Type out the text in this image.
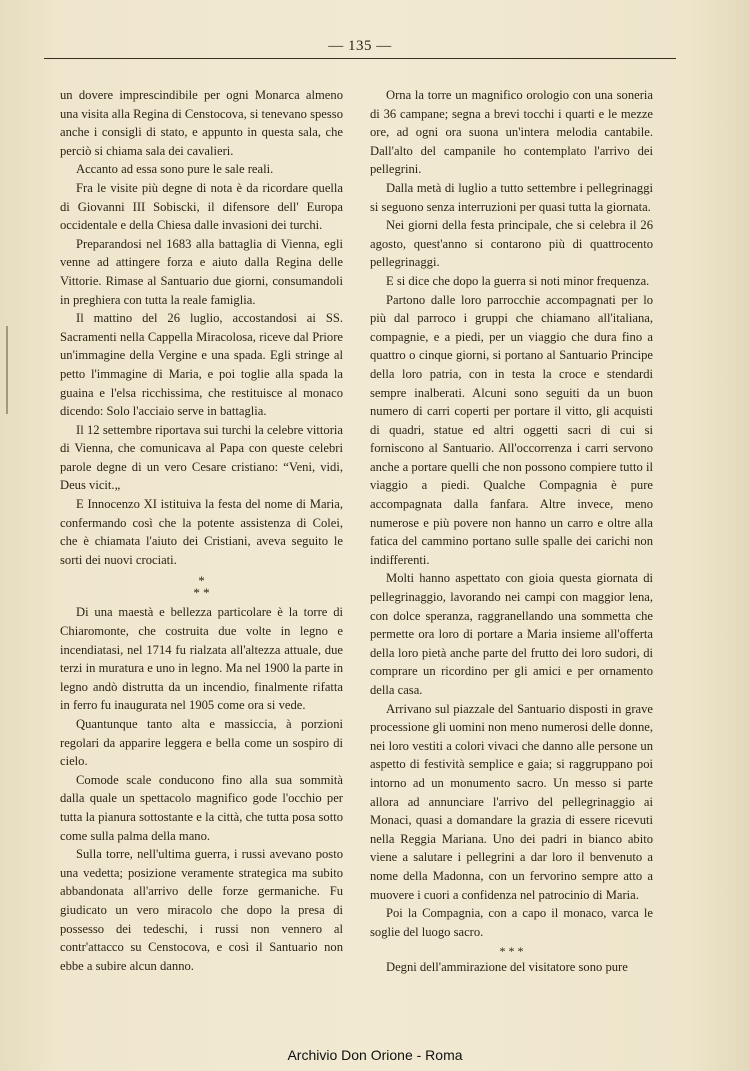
— 135 —

un dovere imprescindibile per ogni Monarca almeno una visita alla Regina di Censtocova, si tenevano spesso anche i consigli di stato, e appunto in questa sala, che perciò si chiama sala dei cavalieri.

Accanto ad essa sono pure le sale reali.

Fra le visite più degne di nota è da ricordare quella di Giovanni III Sobiscki, il difensore dell' Europa occidentale e della Chiesa dalle invasioni dei turchi.

Preparandosi nel 1683 alla battaglia di Vienna, egli venne ad attingere forza e aiuto dalla Regina delle Vittorie. Rimase al Santuario due giorni, consumandoli in preghiera con tutta la reale famiglia.

Il mattino del 26 luglio, accostandosi ai SS. Sacramenti nella Cappella Miracolosa, riceve dal Priore un'immagine della Vergine e una spada. Egli stringe al petto l'immagine di Maria, e poi toglie alla spada la guaina e l'elsa ricchissima, che restituisce al monaco dicendo: Solo l'acciaio serve in battaglia.

Il 12 settembre riportava sui turchi la celebre vittoria di Vienna, che comunicava al Papa con queste celebri parole degne di un vero Cesare cristiano: “Veni, vidi, Deus vicit.„

E Innocenzo XI istituiva la festa del nome di Maria, confermando così che la potente assistenza di Colei, che è chiamata l'aiuto dei Cristiani, aveva seguito le sorti dei nuovi crociati.

*
* *

Di una maestà e bellezza particolare è la torre di Chiaromonte, che costruita due volte in legno e incendiatasi, nel 1714 fu rialzata all'altezza attuale, due terzi in muratura e uno in legno. Ma nel 1900 la parte in legno andò distrutta da un incendio, finalmente rifatta in ferro fu inaugurata nel 1905 come ora si vede.

Quantunque tanto alta e massiccia, à porzioni regolari da apparire leggera e bella come un sospiro di cielo.

Comode scale conducono fino alla sua sommità dalla quale un spettacolo magnifico gode l'occhio per tutta la pianura sottostante e la città, che tutta posa sotto come sulla palma della mano.

Sulla torre, nell'ultima guerra, i russi avevano posto una vedetta; posizione veramente strategica ma subito abbandonata all'arrivo delle forze germaniche. Fu giudicato un vero miracolo che dopo la presa di possesso dei tedeschi, i russi non vennero al contr'attacco su Censtocova, e così il Santuario non ebbe a subire alcun danno.

Orna la torre un magnifico orologio con una soneria di 36 campane; segna a brevi tocchi i quarti e le mezze ore, ad ogni ora suona un'intera melodia cantabile. Dall'alto del campanile ho contemplato l'arrivo dei pellegrini.

Dalla metà di luglio a tutto settembre i pellegrinaggi si seguono senza interruzioni per quasi tutta la giornata.

Nei giorni della festa principale, che si celebra il 26 agosto, quest'anno si contarono più di quattrocento pellegrinaggi.

E si dice che dopo la guerra si noti minor frequenza.

Partono dalle loro parrocchie accompagnati per lo più dal parroco i gruppi che chiamano all'italiana, compagnie, e a piedi, per un viaggio che dura fino a quattro o cinque giorni, si portano al Santuario Principe della loro patria, con in testa la croce e stendardi sempre inalberati. Alcuni sono seguiti da un buon numero di carri coperti per portare il vitto, gli acquisti di quadri, statue ed altri oggetti sacri di cui si forniscono al Santuario. All'occorrenza i carri servono anche a portare quelli che non possono compiere tutto il viaggio a piedi. Qualche Compagnia è pure accompagnata dalla fanfara. Altre invece, meno numerose e più povere non hanno un carro e oltre alla fatica del cammino portano sulle spalle dei carichi non indifferenti.

Molti hanno aspettato con gioia questa giornata di pellegrinaggio, lavorando nei campi con maggior lena, con dolce speranza, raggranellando una sommetta che permette ora loro di portare a Maria insieme all'offerta della loro pietà anche parte del frutto dei loro sudori, di comprare un ricordino per gli amici e per ornamento della casa.

Arrivano sul piazzale del Santuario disposti in grave processione gli uomini non meno numerosi delle donne, nei loro vestiti a colori vivaci che danno alle persone un aspetto di festività semplice e gaia; si raggruppano poi intorno ad un monumento sacro. Un messo si parte allora ad annunciare l'arrivo del pellegrinaggio ai Monaci, quasi a domandare la grazia di essere ricevuti nella Reggia Mariana. Uno dei padri in bianco abito viene a salutare i pellegrini a dar loro il benvenuto a nome della Madonna, con un fervorino sempre atto a muovere i cuori a confidenza nel patrocinio di Maria.

Poi la Compagnia, con a capo il monaco, varca le soglie del luogo sacro.

* * *

Degni dell'ammirazione del visitatore sono pure

Archivio Don Orione - Roma
